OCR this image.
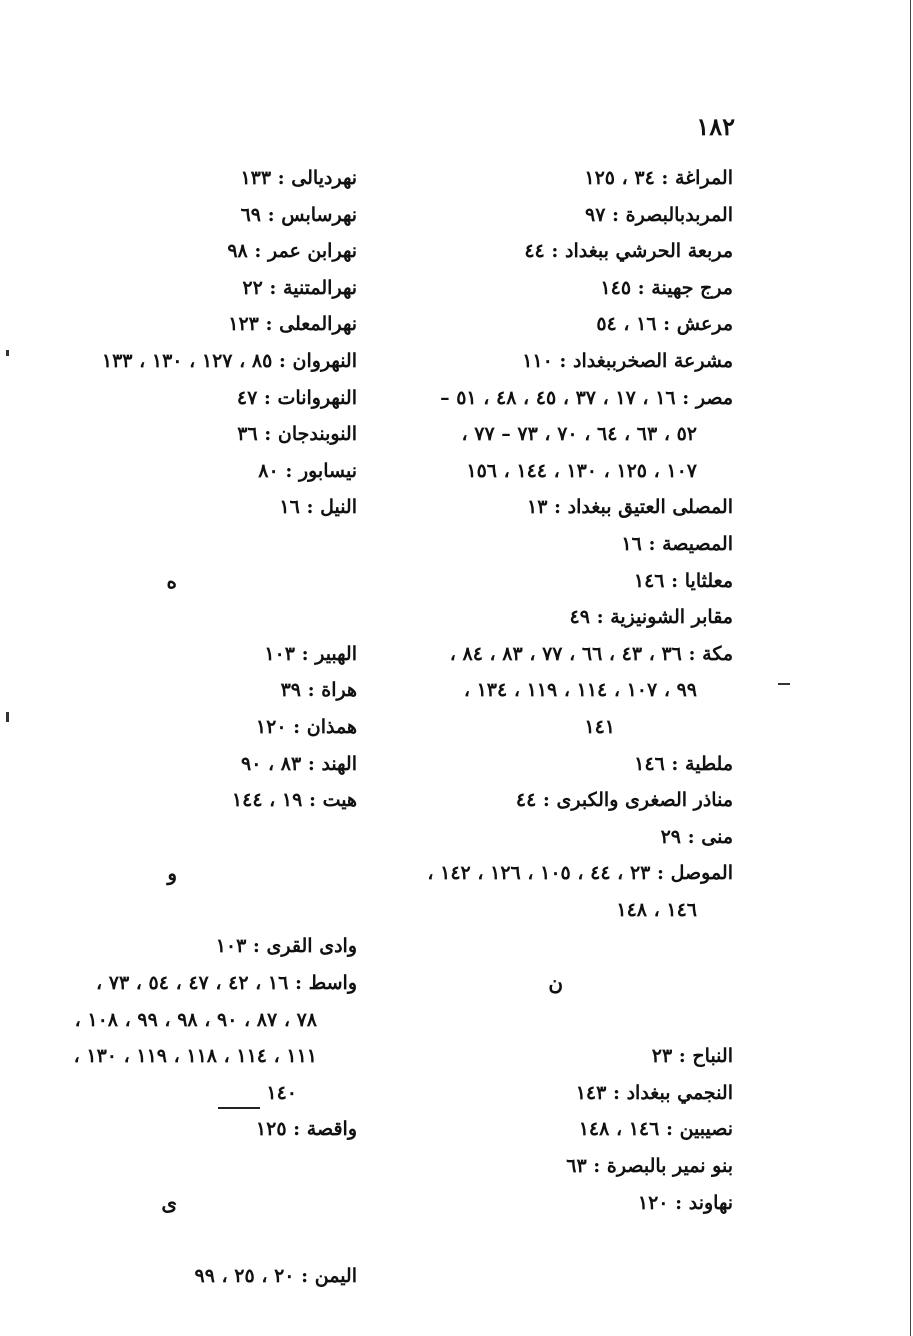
١٨٢
المراغة : ٣٤ ، ١٢٥
المربدبالبصرة : ٩٧
مربعة الحرشي ببغداد : ٤٤
مرج جهينة : ١٤٥
مرعش : ١٦ ، ٥٤
مشرعة الصخرببغداد : ١١٠
مصر : ١٦ ، ١٧ ، ٣٧ ، ٤٥ ، ٤٨ ، ٥١ –
٥٢ ، ٦٣ ، ٦٤ ، ٧٠ ، ٧٣ – ٧٧ ،
١٠٧ ، ١٢٥ ، ١٣٠ ، ١٤٤ ، ١٥٦
المصلى العتيق ببغداد : ١٣
المصيصة : ١٦
معلثايا : ١٤٦
مقابر الشونيزية : ٤٩
مكة : ٣٦ ، ٤٣ ، ٦٦ ، ٧٧ ، ٨٣ ، ٨٤ ،
٩٩ ، ١٠٧ ، ١١٤ ، ١١٩ ، ١٣٤ ،
١٤١
ملطية : ١٤٦
مناذر الصغرى والكبرى : ٤٤
منى : ٢٩
الموصل : ٢٣ ، ٤٤ ، ١٠٥ ، ١٢٦ ، ١٤٢ ،
١٤٦ ، ١٤٨
ن
النباح : ٢٣
النجمي ببغداد : ١٤٣
نصيبين : ١٤٦ ، ١٤٨
بنو نمير بالبصرة : ٦٣
نهاوند : ١٢٠
نهرديالى : ١٣٣
نهرسابس : ٦٩
نهرابن عمر : ٩٨
نهرالمتنية : ٢٢
نهرالمعلى : ١٢٣
النهروان : ٨٥ ، ١٢٧ ، ١٣٠ ، ١٣٣
النهروانات : ٤٧
النوبندجان : ٣٦
نيسابور : ٨٠
النيل : ١٦
ه
الهبير : ١٠٣
هراة : ٣٩
همذان : ١٢٠
الهند : ٨٣ ، ٩٠
هيت : ١٩ ، ١٤٤
و
وادى القرى : ١٠٣
واسط : ١٦ ، ٤٢ ، ٤٧ ، ٥٤ ، ٧٣ ،
٧٨ ، ٨٧ ، ٩٠ ، ٩٨ ، ٩٩ ، ١٠٨ ،
١١١ ، ١١٤ ، ١١٨ ، ١١٩ ، ١٣٠ ،
١٤٠
واقصة : ١٢٥
ى
اليمن : ٢٠ ، ٢٥ ، ٩٩
